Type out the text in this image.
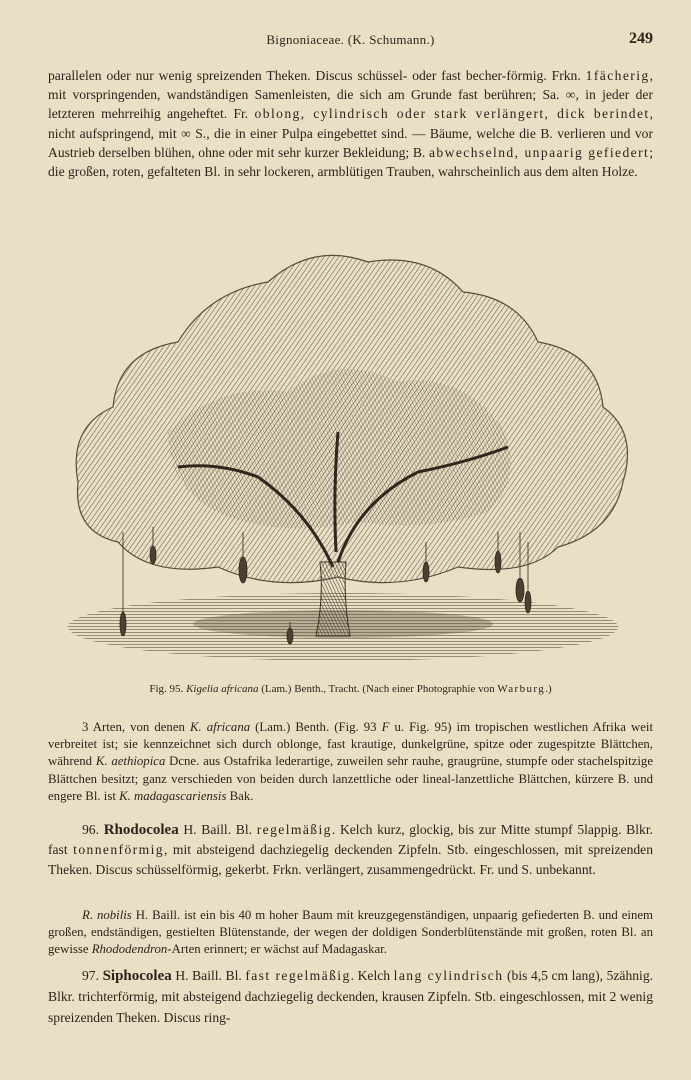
Bignoniaceae. (K. Schumann.)	249

parallelen oder nur wenig spreizenden Theken. Discus schüssel- oder fast becher-förmig. Frkn. 1fächerig, mit vorspringenden, wandständigen Samenleisten, die sich am Grunde fast berühren; Sa. ∞, in jeder der letzteren mehrreihig angeheftet. Fr. oblong, cylindrisch oder stark verlängert, dick berindet, nicht aufspringend, mit ∞ S., die in einer Pulpa eingebettet sind. — Bäume, welche die B. verlieren und vor Austrieb derselben blühen, ohne oder mit sehr kurzer Bekleidung; B. abwechselnd, unpaarig gefiedert; die großen, roten, gefalteten Bl. in sehr lockeren, armblütigen Trauben, wahrscheinlich aus dem alten Holze.

Fig. 95. Kigelia africana (Lam.) Benth., Tracht. (Nach einer Photographie von Warburg.)

3 Arten, von denen K. africana (Lam.) Benth. (Fig. 93 F u. Fig. 95) im tropischen westlichen Afrika weit verbreitet ist; sie kennzeichnet sich durch oblonge, fast krautige, dunkelgrüne, spitze oder zugespitzte Blättchen, während K. aethiopica Dcne. aus Ostafrika lederartige, zuweilen sehr rauhe, graugrüne, stumpfe oder stachelspitzige Blättchen besitzt; ganz verschieden von beiden durch lanzettliche oder lineal-lanzettliche Blättchen, kürzere B. und engere Bl. ist K. madagascariensis Bak.

96. Rhodocolea H. Baill. Bl. regelmäßig. Kelch kurz, glockig, bis zur Mitte stumpf 5lappig. Blkr. fast tonnenförmig, mit absteigend dachziegelig deckenden Zipfeln. Stb. eingeschlossen, mit spreizenden Theken. Discus schüsselförmig, gekerbt. Frkn. verlängert, zusammengedrückt. Fr. und S. unbekannt.

R. nobilis H. Baill. ist ein bis 40 m hoher Baum mit kreuzgegenständigen, unpaarig gefiederten B. und einem großen, endständigen, gestielten Blütenstande, der wegen der doldigen Sonderblütenstände mit großen, roten Bl. an gewisse Rhododendron-Arten erinnert; er wächst auf Madagaskar.

97. Siphocolea H. Baill. Bl. fast regelmäßig. Kelch lang cylindrisch (bis 4,5 cm lang), 5zähnig. Blkr. trichterförmig, mit absteigend dachziegelig deckenden, krausen Zipfeln. Stb. eingeschlossen, mit 2 wenig spreizenden Theken. Discus ring-
